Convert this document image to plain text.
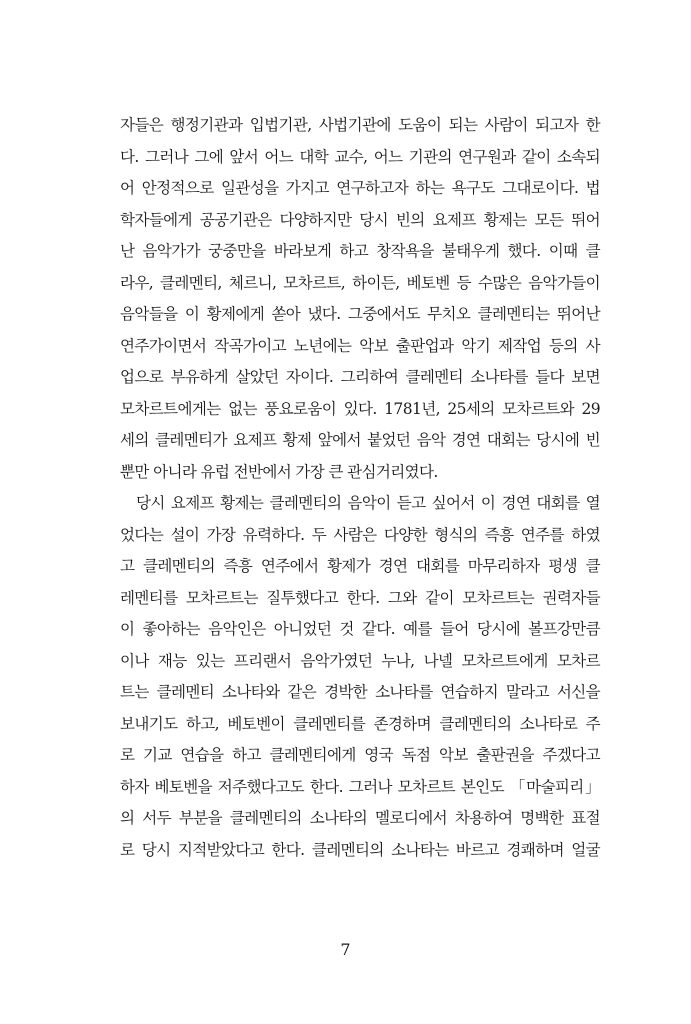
자들은 행정기관과 입법기관, 사법기관에 도움이 되는 사람이 되고자 한
다. 그러나 그에 앞서 어느 대학 교수, 어느 기관의 연구원과 같이 소속되
어 안정적으로 일관성을 가지고 연구하고자 하는 욕구도 그대로이다. 법
학자들에게 공공기관은 다양하지만 당시 빈의 요제프 황제는 모든 뛰어
난 음악가가 궁중만을 바라보게 하고 창작욕을 불태우게 했다. 이때 클
라우, 클레멘티, 체르니, 모차르트, 하이든, 베토벤 등 수많은 음악가들이
음악들을 이 황제에게 쏟아 냈다. 그중에서도 무치오 클레멘티는 뛰어난
연주가이면서 작곡가이고 노년에는 악보 출판업과 악기 제작업 등의 사
업으로 부유하게 살았던 자이다. 그리하여 클레멘티 소나타를 들다 보면
모차르트에게는 없는 풍요로움이 있다. 1781년, 25세의 모차르트와 29
세의 클레멘티가 요제프 황제 앞에서 붙었던 음악 경연 대회는 당시에 빈
뿐만 아니라 유럽 전반에서 가장 큰 관심거리였다.
당시 요제프 황제는 클레멘티의 음악이 듣고 싶어서 이 경연 대회를 열
었다는 설이 가장 유력하다. 두 사람은 다양한 형식의 즉흥 연주를 하였
고 클레멘티의 즉흥 연주에서 황제가 경연 대회를 마무리하자 평생 클
레멘티를 모차르트는 질투했다고 한다. 그와 같이 모차르트는 권력자들
이 좋아하는 음악인은 아니었던 것 같다. 예를 들어 당시에 볼프강만큼
이나 재능 있는 프리랜서 음악가였던 누나, 나넬 모차르트에게 모차르
트는 클레멘티 소나타와 같은 경박한 소나타를 연습하지 말라고 서신을
보내기도 하고, 베토벤이 클레멘티를 존경하며 클레멘티의 소나타로 주
로 기교 연습을 하고 클레멘티에게 영국 독점 악보 출판권을 주겠다고
하자 베토벤을 저주했다고도 한다. 그러나 모차르트 본인도 「마술피리」
의 서두 부분을 클레멘티의 소나타의 멜로디에서 차용하여 명백한 표절
로 당시 지적받았다고 한다. 클레멘티의 소나타는 바르고 경쾌하며 얼굴
7
